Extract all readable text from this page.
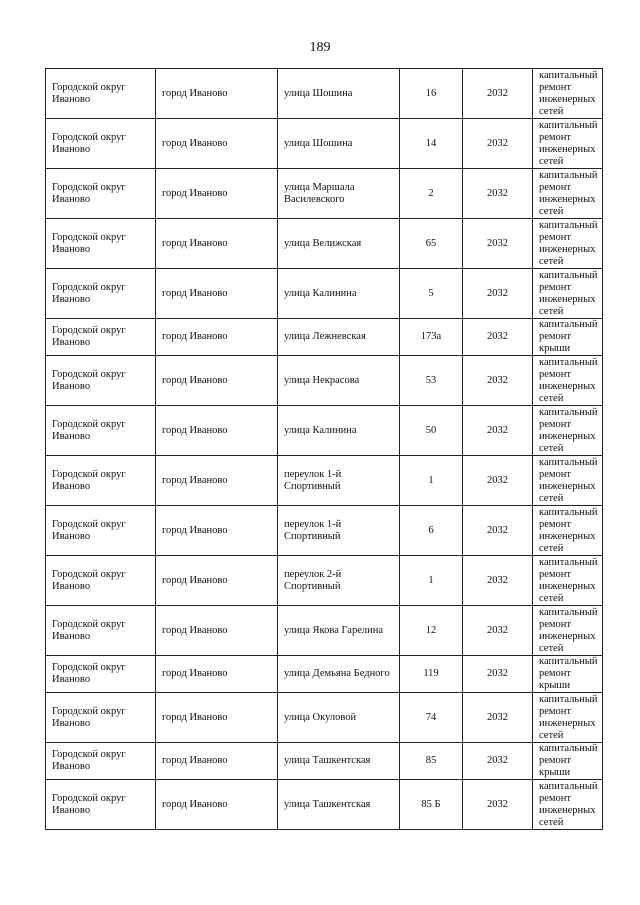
189
Городской округ Иваново	город Иваново	улица Шошина	16	2032	капитальный ремонт инженерных сетей
Городской округ Иваново	город Иваново	улица Шошина	14	2032	капитальный ремонт инженерных сетей
Городской округ Иваново	город Иваново	улица Маршала Василевского	2	2032	капитальный ремонт инженерных сетей
Городской округ Иваново	город Иваново	улица Велижская	65	2032	капитальный ремонт инженерных сетей
Городской округ Иваново	город Иваново	улица Калинина	5	2032	капитальный ремонт инженерных сетей
Городской округ Иваново	город Иваново	улица Лежневская	173а	2032	капитальный ремонт крыши
Городской округ Иваново	город Иваново	улица Некрасова	53	2032	капитальный ремонт инженерных сетей
Городской округ Иваново	город Иваново	улица Калинина	50	2032	капитальный ремонт инженерных сетей
Городской округ Иваново	город Иваново	переулок 1-й Спортивный	1	2032	капитальный ремонт инженерных сетей
Городской округ Иваново	город Иваново	переулок 1-й Спортивный	6	2032	капитальный ремонт инженерных сетей
Городской округ Иваново	город Иваново	переулок 2-й Спортивный	1	2032	капитальный ремонт инженерных сетей
Городской округ Иваново	город Иваново	улица Якова Гарелина	12	2032	капитальный ремонт инженерных сетей
Городской округ Иваново	город Иваново	улица Демьяна Бедного	119	2032	капитальный ремонт крыши
Городской округ Иваново	город Иваново	улица Окуловой	74	2032	капитальный ремонт инженерных сетей
Городской округ Иваново	город Иваново	улица Ташкентская	85	2032	капитальный ремонт крыши
Городской округ Иваново	город Иваново	улица Ташкентская	85 Б	2032	капитальный ремонт инженерных сетей
